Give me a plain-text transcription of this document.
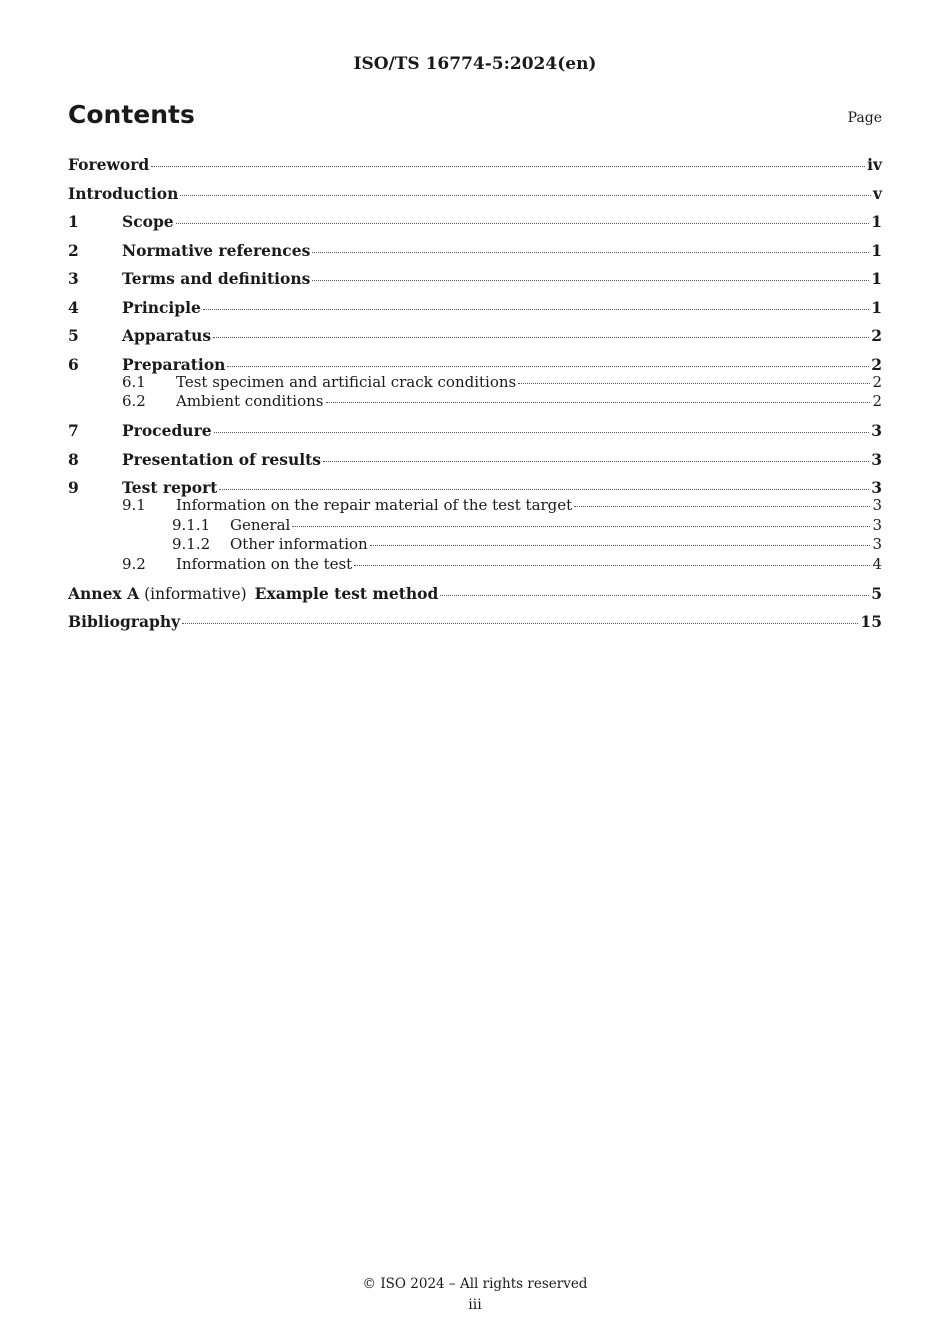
ISO/TS 16774-5:2024(en)
Contents	Page
Foreword	iv
Introduction	v
1	Scope	1
2	Normative references	1
3	Terms and definitions	1
4	Principle	1
5	Apparatus	2
6	Preparation	2
6.1	Test specimen and artificial crack conditions	2
6.2	Ambient conditions	2
7	Procedure	3
8	Presentation of results	3
9	Test report	3
9.1	Information on the repair material of the test target	3
9.1.1	General	3
9.1.2	Other information	3
9.2	Information on the test	4
Annex A (informative) Example test method	5
Bibliography	15
© ISO 2024 – All rights reserved
iii
